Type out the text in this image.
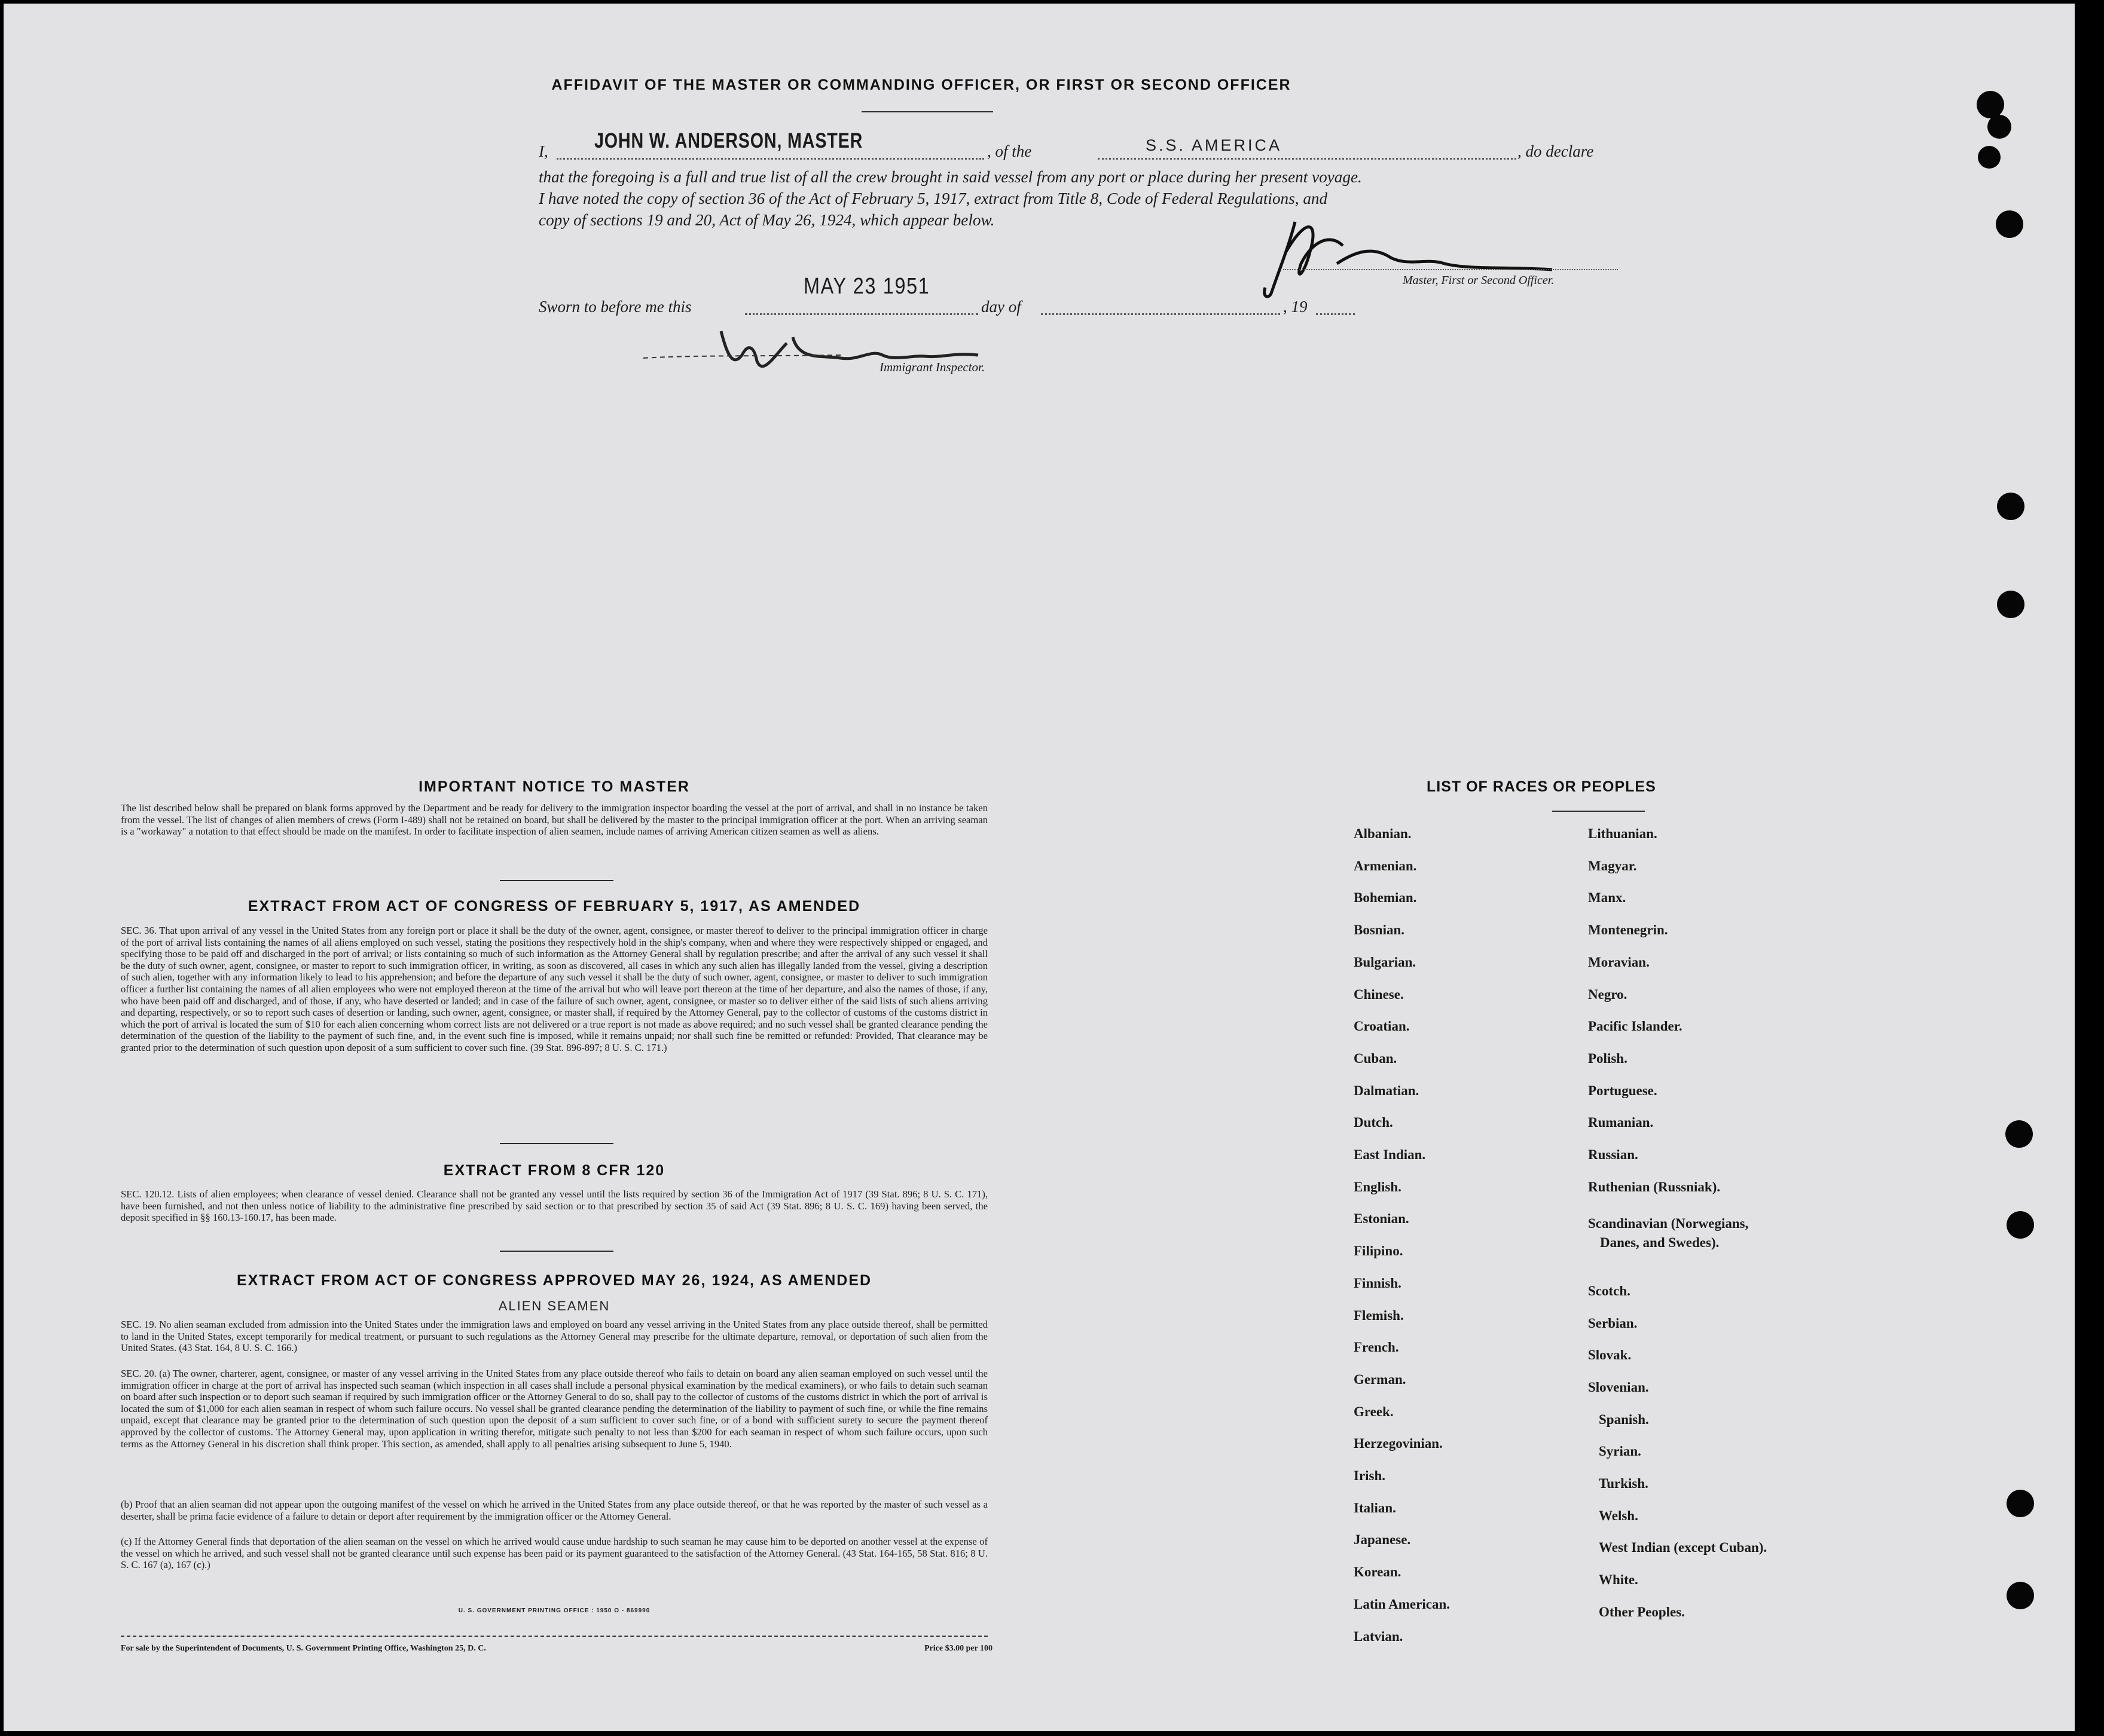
AFFIDAVIT OF THE MASTER OR COMMANDING OFFICER, OR FIRST OR SECOND OFFICER
I, JOHN W. ANDERSON, MASTER	, of the	S.S. AMERICA	, do declare
that the foregoing is a full and true list of all the crew brought in said vessel from any port or place during her present voyage.
I have noted the copy of section 36 of the Act of February 5, 1917, extract from Title 8, Code of Federal Regulations, and
copy of sections 19 and 20, Act of May 26, 1924, which appear below.
Master, First or Second Officer.
Sworn to before me this
MAY 23 1951
day of	, 19
Immigrant Inspector.
IMPORTANT NOTICE TO MASTER
The list described below shall be prepared on blank forms approved by the Department and be ready for delivery to the immigration inspector boarding the vessel at the port of arrival, and shall in no instance be taken from the vessel. The list of changes of alien members of crews (Form I-489) shall not be retained on board, but shall be delivered by the master to the principal immigration officer at the port. When an arriving seaman is a "workaway" a notation to that effect should be made on the manifest. In order to facilitate inspection of alien seamen, include names of arriving American citizen seamen as well as aliens.
EXTRACT FROM ACT OF CONGRESS OF FEBRUARY 5, 1917, AS AMENDED
SEC. 36. That upon arrival of any vessel in the United States from any foreign port or place it shall be the duty of the owner, agent, consignee, or master thereof to deliver to the principal immigration officer in charge of the port of arrival lists containing the names of all aliens employed on such vessel, stating the positions they respectively hold in the ship's company, when and where they were respectively shipped or engaged, and specifying those to be paid off and discharged in the port of arrival; or lists containing so much of such information as the Attorney General shall by regulation prescribe; and after the arrival of any such vessel it shall be the duty of such owner, agent, consignee, or master to report to such immigration officer, in writing, as soon as discovered, all cases in which any such alien has illegally landed from the vessel, giving a description of such alien, together with any information likely to lead to his apprehension; and before the departure of any such vessel it shall be the duty of such owner, agent, consignee, or master to deliver to such immigration officer a further list containing the names of all alien employees who were not employed thereon at the time of the arrival but who will leave port thereon at the time of her departure, and also the names of those, if any, who have been paid off and discharged, and of those, if any, who have deserted or landed; and in case of the failure of such owner, agent, consignee, or master so to deliver either of the said lists of such aliens arriving and departing, respectively, or so to report such cases of desertion or landing, such owner, agent, consignee, or master shall, if required by the Attorney General, pay to the collector of customs of the customs district in which the port of arrival is located the sum of $10 for each alien concerning whom correct lists are not delivered or a true report is not made as above required; and no such vessel shall be granted clearance pending the determination of the question of the liability to the payment of such fine, and, in the event such fine is imposed, while it remains unpaid; nor shall such fine be remitted or refunded: Provided, That clearance may be granted prior to the determination of such question upon deposit of a sum sufficient to cover such fine. (39 Stat. 896-897; 8 U. S. C. 171.)
EXTRACT FROM 8 CFR 120
SEC. 120.12. Lists of alien employees; when clearance of vessel denied. Clearance shall not be granted any vessel until the lists required by section 36 of the Immigration Act of 1917 (39 Stat. 896; 8 U. S. C. 171), have been furnished, and not then unless notice of liability to the administrative fine prescribed by said section or to that prescribed by section 35 of said Act (39 Stat. 896; 8 U. S. C. 169) having been served, the deposit specified in §§ 160.13-160.17, has been made.
EXTRACT FROM ACT OF CONGRESS APPROVED MAY 26, 1924, AS AMENDED
ALIEN SEAMEN
SEC. 19. No alien seaman excluded from admission into the United States under the immigration laws and employed on board any vessel arriving in the United States from any place outside thereof, shall be permitted to land in the United States, except temporarily for medical treatment, or pursuant to such regulations as the Attorney General may prescribe for the ultimate departure, removal, or deportation of such alien from the United States. (43 Stat. 164, 8 U. S. C. 166.)
SEC. 20. (a) The owner, charterer, agent, consignee, or master of any vessel arriving in the United States from any place outside thereof who fails to detain on board any alien seaman employed on such vessel until the immigration officer in charge at the port of arrival has inspected such seaman (which inspection in all cases shall include a personal physical examination by the medical examiners), or who fails to detain such seaman on board after such inspection or to deport such seaman if required by such immigration officer or the Attorney General to do so, shall pay to the collector of customs of the customs district in which the port of arrival is located the sum of $1,000 for each alien seaman in respect of whom such failure occurs. No vessel shall be granted clearance pending the determination of the liability to payment of such fine, or while the fine remains unpaid, except that clearance may be granted prior to the determination of such question upon the deposit of a sum sufficient to cover such fine, or of a bond with sufficient surety to secure the payment thereof approved by the collector of customs. The Attorney General may, upon application in writing therefor, mitigate such penalty to not less than $200 for each seaman in respect of whom such failure occurs, upon such terms as the Attorney General in his discretion shall think proper. This section, as amended, shall apply to all penalties arising subsequent to June 5, 1940.
(b) Proof that an alien seaman did not appear upon the outgoing manifest of the vessel on which he arrived in the United States from any place outside thereof, or that he was reported by the master of such vessel as a deserter, shall be prima facie evidence of a failure to detain or deport after requirement by the immigration officer or the Attorney General.
(c) If the Attorney General finds that deportation of the alien seaman on the vessel on which he arrived would cause undue hardship to such seaman he may cause him to be deported on another vessel at the expense of the vessel on which he arrived, and such vessel shall not be granted clearance until such expense has been paid or its payment guaranteed to the satisfaction of the Attorney General. (43 Stat. 164-165, 58 Stat. 816; 8 U. S. C. 167 (a), 167 (c).)
U. S. GOVERNMENT PRINTING OFFICE : 1950 O - 869990
For sale by the Superintendent of Documents, U. S. Government Printing Office, Washington 25, D. C.	Price $3.00 per 100
LIST OF RACES OR PEOPLES
Albanian.
Armenian.
Bohemian.
Bosnian.
Bulgarian.
Chinese.
Croatian.
Cuban.
Dalmatian.
Dutch.
East Indian.
English.
Estonian.
Filipino.
Finnish.
Flemish.
French.
German.
Greek.
Herzegovinian.
Irish.
Italian.
Japanese.
Korean.
Latin American.
Latvian.
Lithuanian.
Magyar.
Manx.
Montenegrin.
Moravian.
Negro.
Pacific Islander.
Polish.
Portuguese.
Rumanian.
Russian.
Ruthenian (Russniak).
Scandinavian (Norwegians,
Danes, and Swedes).
Scotch.
Serbian.
Slovak.
Slovenian.
Spanish.
Syrian.
Turkish.
Welsh.
West Indian (except Cuban).
White.
Other Peoples.
